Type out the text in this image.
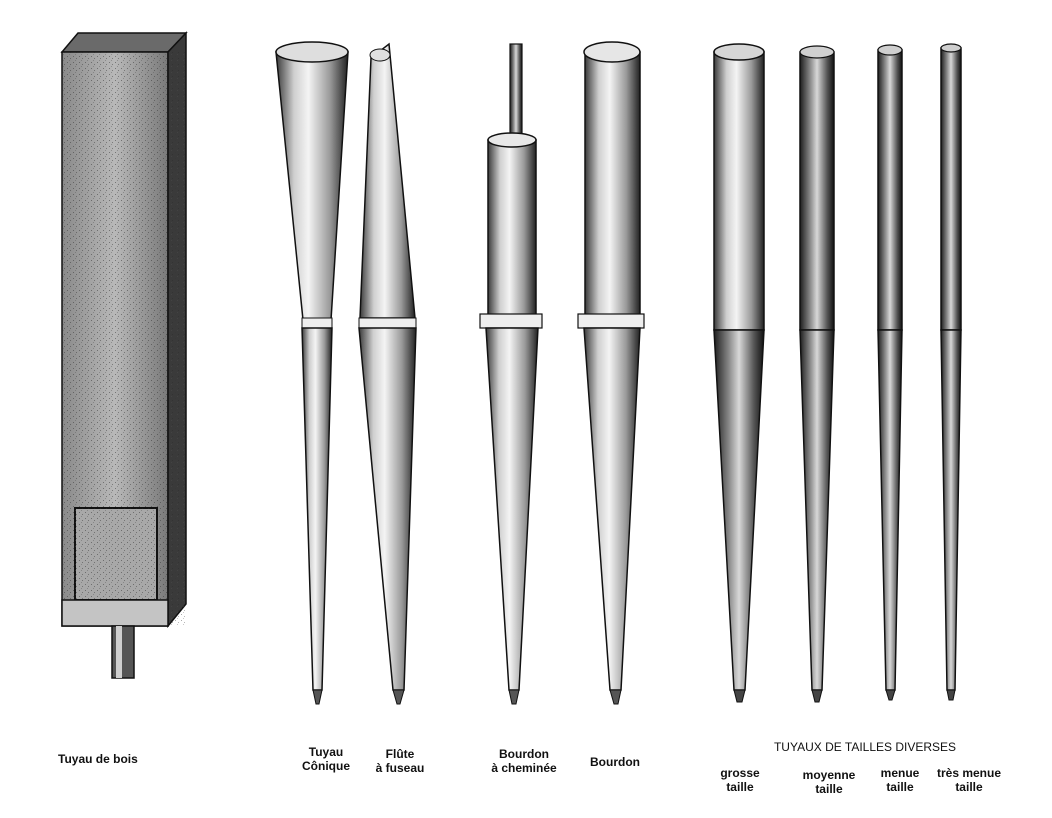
Tuyau de bois	Tuyau
Cônique
Flûte
à fuseau
Bourdon
à cheminée	Bourdon
TUYAUX DE TAILLES DIVERSES
grosse
taille
moyenne
taille
menue
taille
très menue
taille
